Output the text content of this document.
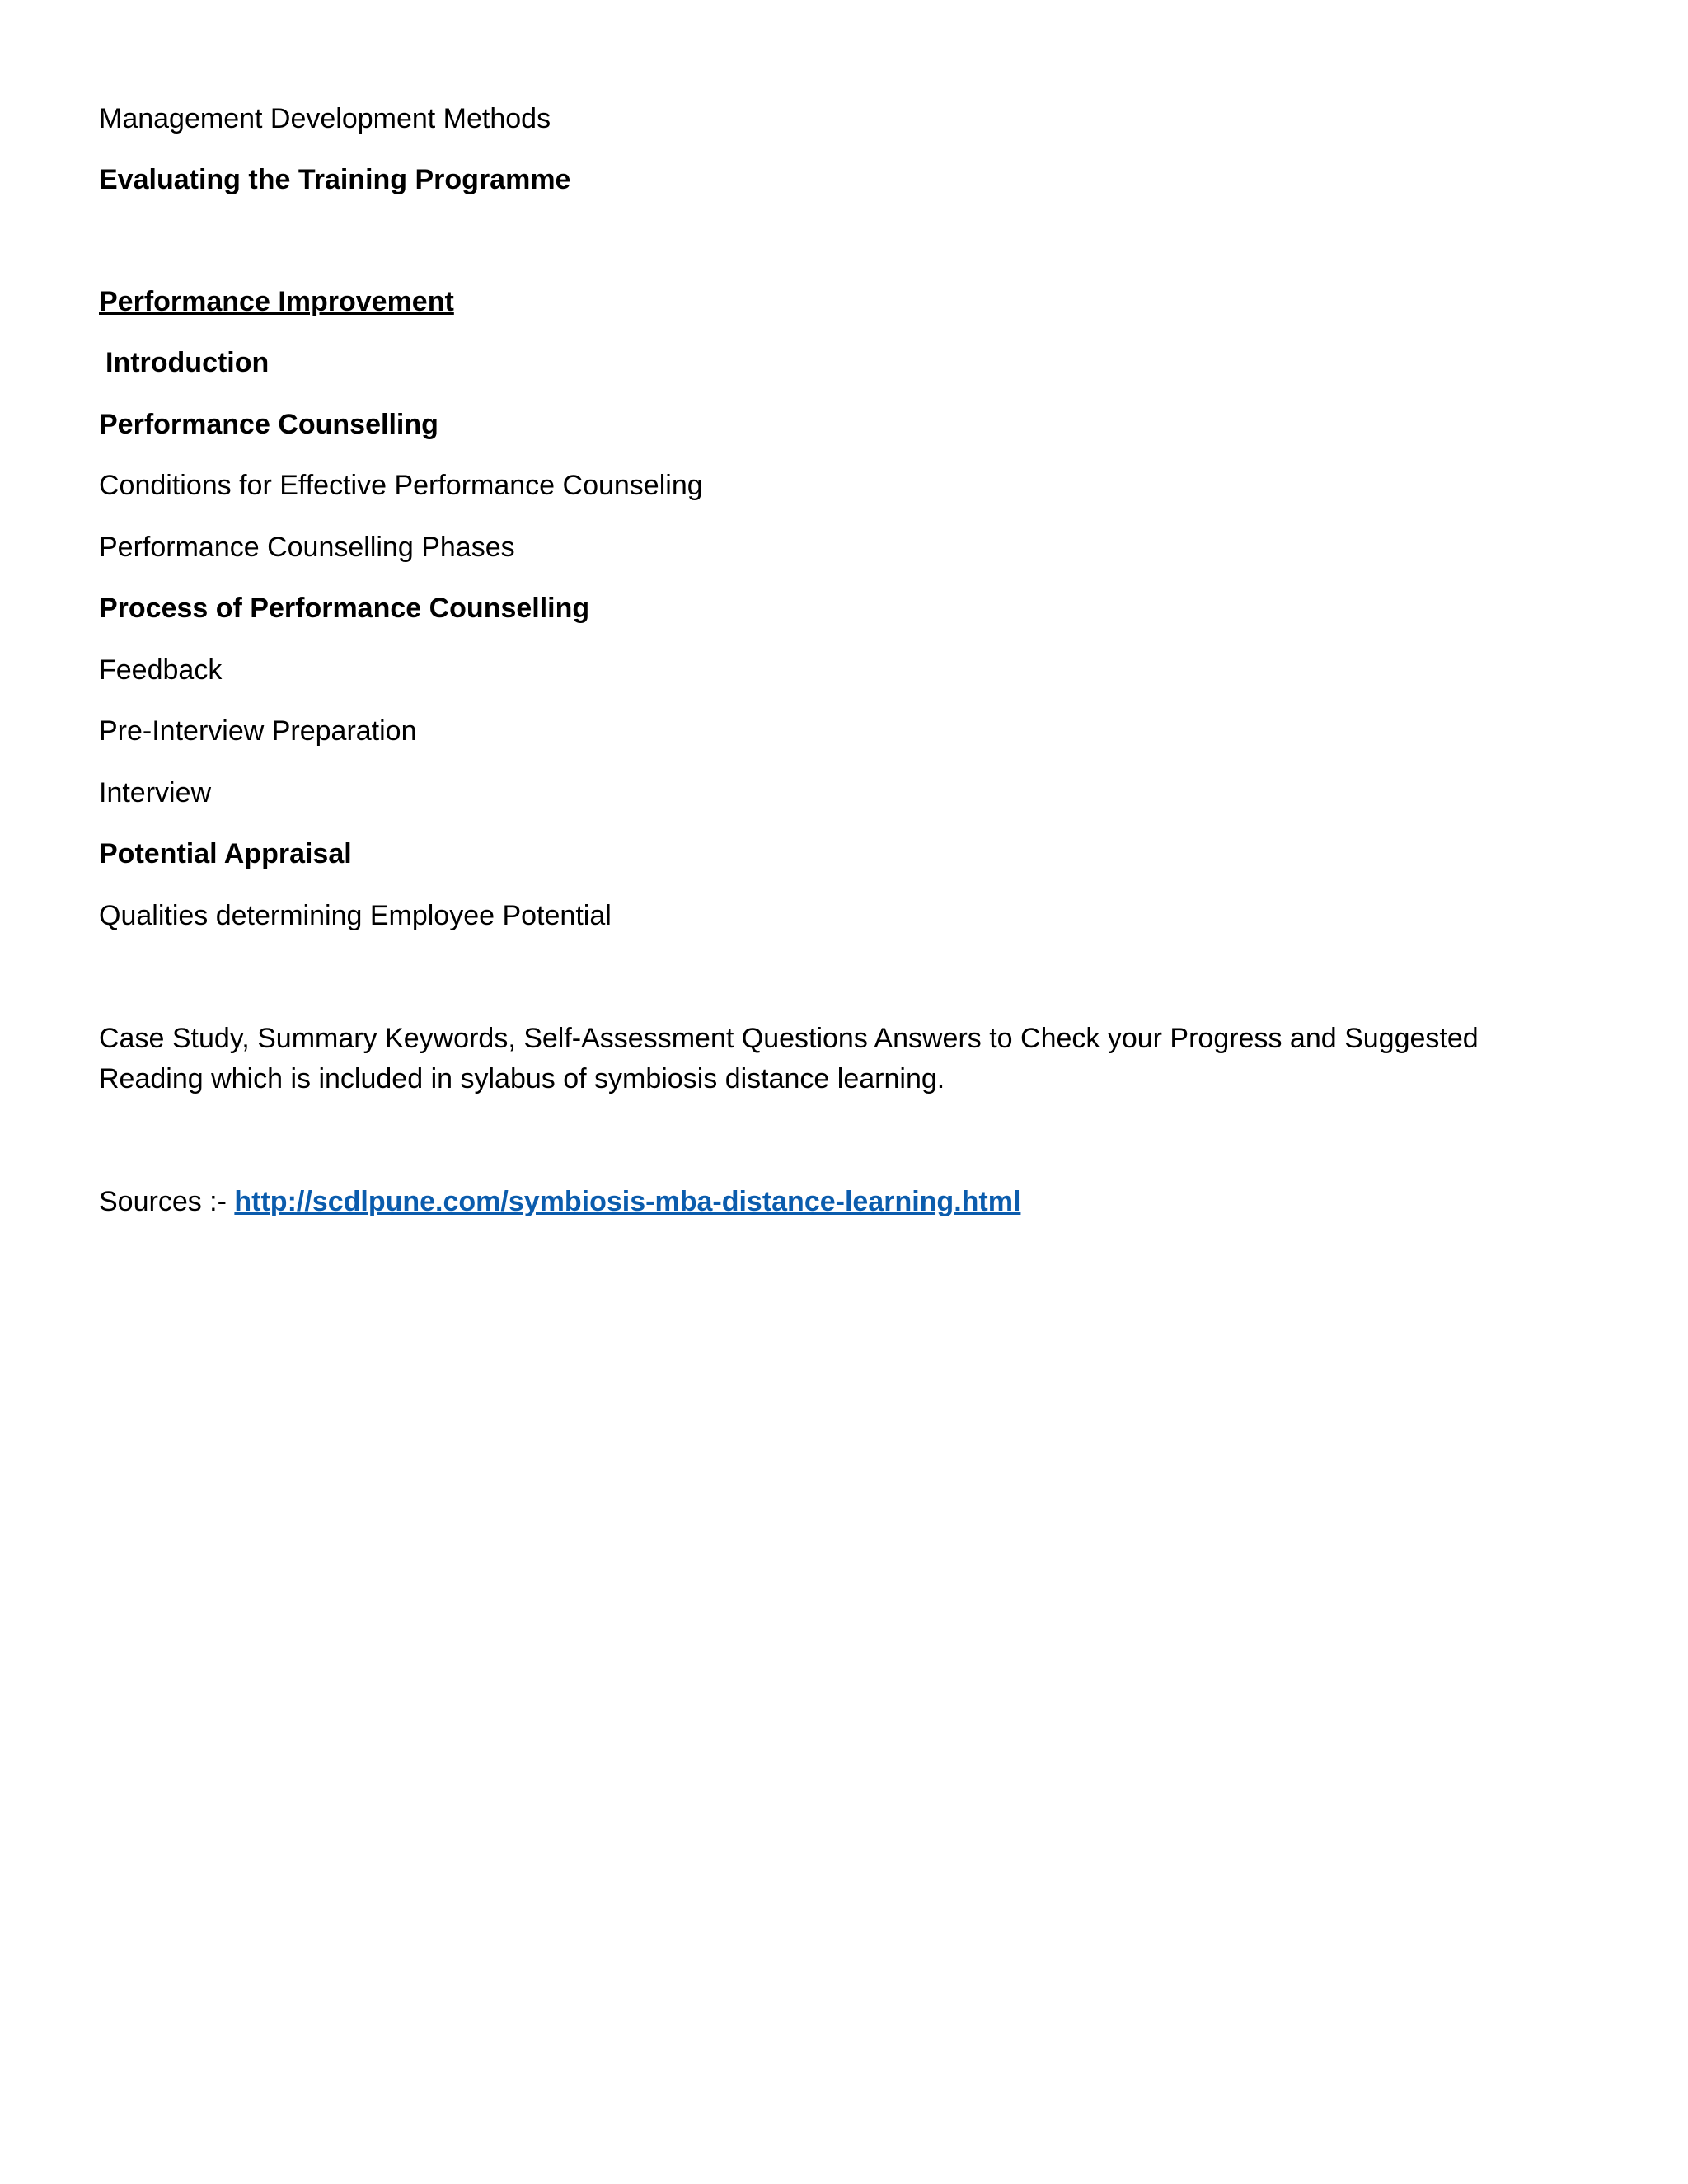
Management Development Methods
Evaluating the Training Programme
Performance Improvement
Introduction
Performance Counselling
Conditions for Effective Performance Counseling
Performance Counselling Phases
Process of Performance Counselling
Feedback
Pre-Interview Preparation
Interview
Potential Appraisal
Qualities determining Employee Potential
Case Study, Summary Keywords, Self-Assessment Questions Answers to Check your Progress and Suggested Reading which is included in sylabus of symbiosis distance learning.
Sources :- http://scdlpune.com/symbiosis-mba-distance-learning.html
